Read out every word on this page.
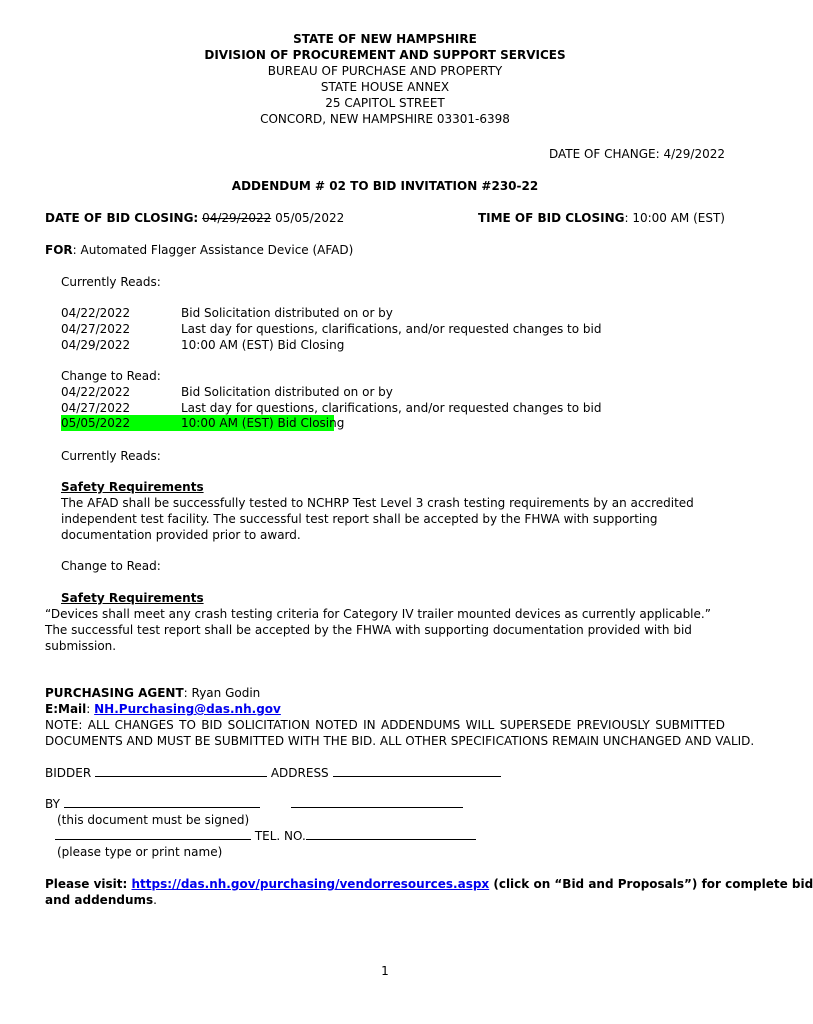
STATE OF NEW HAMPSHIRE
DIVISION OF PROCUREMENT AND SUPPORT SERVICES
BUREAU OF PURCHASE AND PROPERTY
STATE HOUSE ANNEX
25 CAPITOL STREET
CONCORD, NEW HAMPSHIRE 03301-6398
DATE OF CHANGE: 4/29/2022
ADDENDUM # 02 TO BID INVITATION #230-22
DATE OF BID CLOSING: 04/29/2022 05/05/2022	TIME OF BID CLOSING: 10:00 AM (EST)
FOR: Automated Flagger Assistance Device (AFAD)
Currently Reads:
04/22/2022	Bid Solicitation distributed on or by
04/27/2022	Last day for questions, clarifications, and/or requested changes to bid
04/29/2022	10:00 AM (EST) Bid Closing
Change to Read:
04/22/2022	Bid Solicitation distributed on or by
04/27/2022	Last day for questions, clarifications, and/or requested changes to bid
05/05/2022	10:00 AM (EST) Bid Closing
Currently Reads:
Safety Requirements
The AFAD shall be successfully tested to NCHRP Test Level 3 crash testing requirements by an accredited
independent test facility. The successful test report shall be accepted by the FHWA with supporting
documentation provided prior to award.
Change to Read:
Safety Requirements
“Devices shall meet any crash testing criteria for Category IV trailer mounted devices as currently applicable.”
The successful test report shall be accepted by the FHWA with supporting documentation provided with bid
submission.
PURCHASING AGENT: Ryan Godin
E:Mail: NH.Purchasing@das.nh.gov
NOTE: ALL CHANGES TO BID SOLICITATION NOTED IN ADDENDUMS WILL SUPERSEDE PREVIOUSLY SUBMITTED
DOCUMENTS AND MUST BE SUBMITTED WITH THE BID. ALL OTHER SPECIFICATIONS REMAIN UNCHANGED AND VALID.
BIDDER	ADDRESS
BY
(this document must be signed)
TEL. NO.
(please type or print name)
Please visit: https://das.nh.gov/purchasing/vendorresources.aspx (click on “Bid and Proposals”) for complete bid
and addendums.
1
